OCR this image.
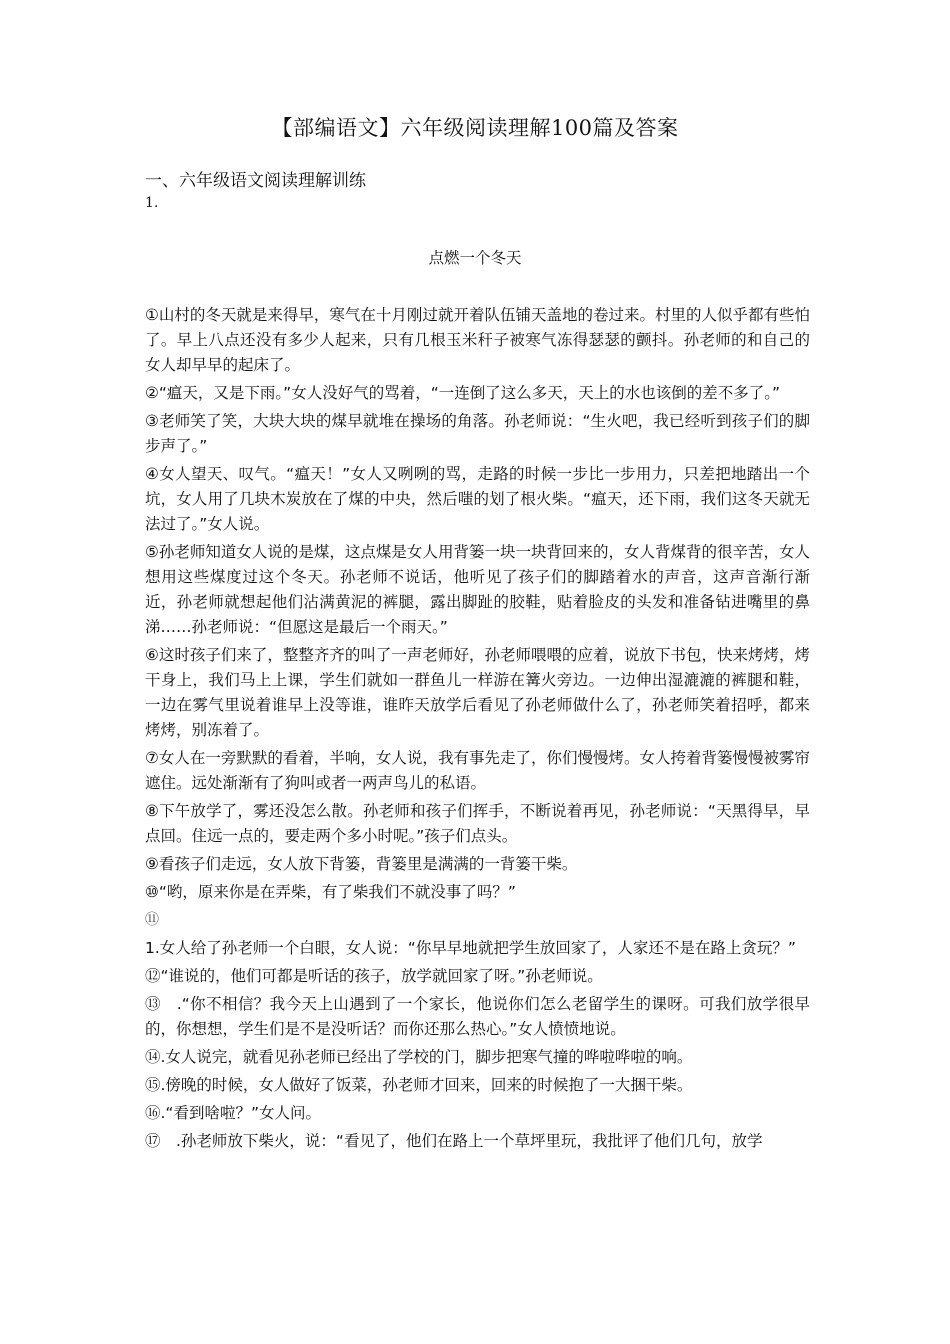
【部编语文】六年级阅读理解100篇及答案
一、六年级语文阅读理解训练
1.
点燃一个冬天

①山村的冬天就是来得早，寒气在十月刚过就开着队伍铺天盖地的卷过来。村里的人似乎都有些怕了。早上八点还没有多少人起来，只有几根玉米秆子被寒气冻得瑟瑟的颤抖。孙老师的和自己的女人却早早的起床了。

②“瘟天，又是下雨。”女人没好气的骂着，“一连倒了这么多天，天上的水也该倒的差不多了。”

③老师笑了笑，大块大块的煤早就堆在操场的角落。孙老师说：“生火吧，我已经听到孩子们的脚步声了。”

④女人望天、叹气。“瘟天！”女人又咧咧的骂，走路的时候一步比一步用力，只差把地踏出一个坑，女人用了几块木炭放在了煤的中央，然后嗤的划了根火柴。“瘟天，还下雨，我们这冬天就无法过了。”女人说。

⑤孙老师知道女人说的是煤，这点煤是女人用背篓一块一块背回来的，女人背煤背的很辛苦，女人想用这些煤度过这个冬天。孙老师不说话，他听见了孩子们的脚踏着水的声音，这声音渐行渐近，孙老师就想起他们沾满黄泥的裤腿，露出脚趾的胶鞋，贴着脸皮的头发和准备钻进嘴里的鼻涕……孙老师说：“但愿这是最后一个雨天。”

⑥这时孩子们来了，整整齐齐的叫了一声老师好，孙老师喂喂的应着，说放下书包，快来烤烤，烤干身上，我们马上上课，学生们就如一群鱼儿一样游在篝火旁边。一边伸出湿漉漉的裤腿和鞋，一边在雾气里说着谁早上没等谁，谁昨天放学后看见了孙老师做什么了，孙老师笑着招呼，都来烤烤，别冻着了。

⑦女人在一旁默默的看着，半响，女人说，我有事先走了，你们慢慢烤。女人挎着背篓慢慢被雾帘遮住。远处渐渐有了狗叫或者一两声鸟儿的私语。

⑧下午放学了，雾还没怎么散。孙老师和孩子们挥手，不断说着再见，孙老师说：“天黑得早，早点回。住远一点的，要走两个多小时呢。”孩子们点头。

⑨看孩子们走远，女人放下背篓，背篓里是满满的一背篓干柴。

⑩“哟，原来你是在弄柴，有了柴我们不就没事了吗？”

⑪

1.女人给了孙老师一个白眼，女人说：“你早早地就把学生放回家了，人家还不是在路上贪玩？”

⑫“谁说的，他们可都是听话的孩子，放学就回家了呀。”孙老师说。

⑬　.“你不相信？我今天上山遇到了一个家长，他说你们怎么老留学生的课呀。可我们放学很早的，你想想，学生们是不是没听话？而你还那么热心。”女人愤愤地说。

⑭.女人说完，就看见孙老师已经出了学校的门，脚步把寒气撞的哗啦哗啦的响。

⑮.傍晚的时候，女人做好了饭菜，孙老师才回来，回来的时候抱了一大捆干柴。

⑯.“看到啥啦？”女人问。

⑰　.孙老师放下柴火，说：“看见了，他们在路上一个草坪里玩，我批评了他们几句，放学
